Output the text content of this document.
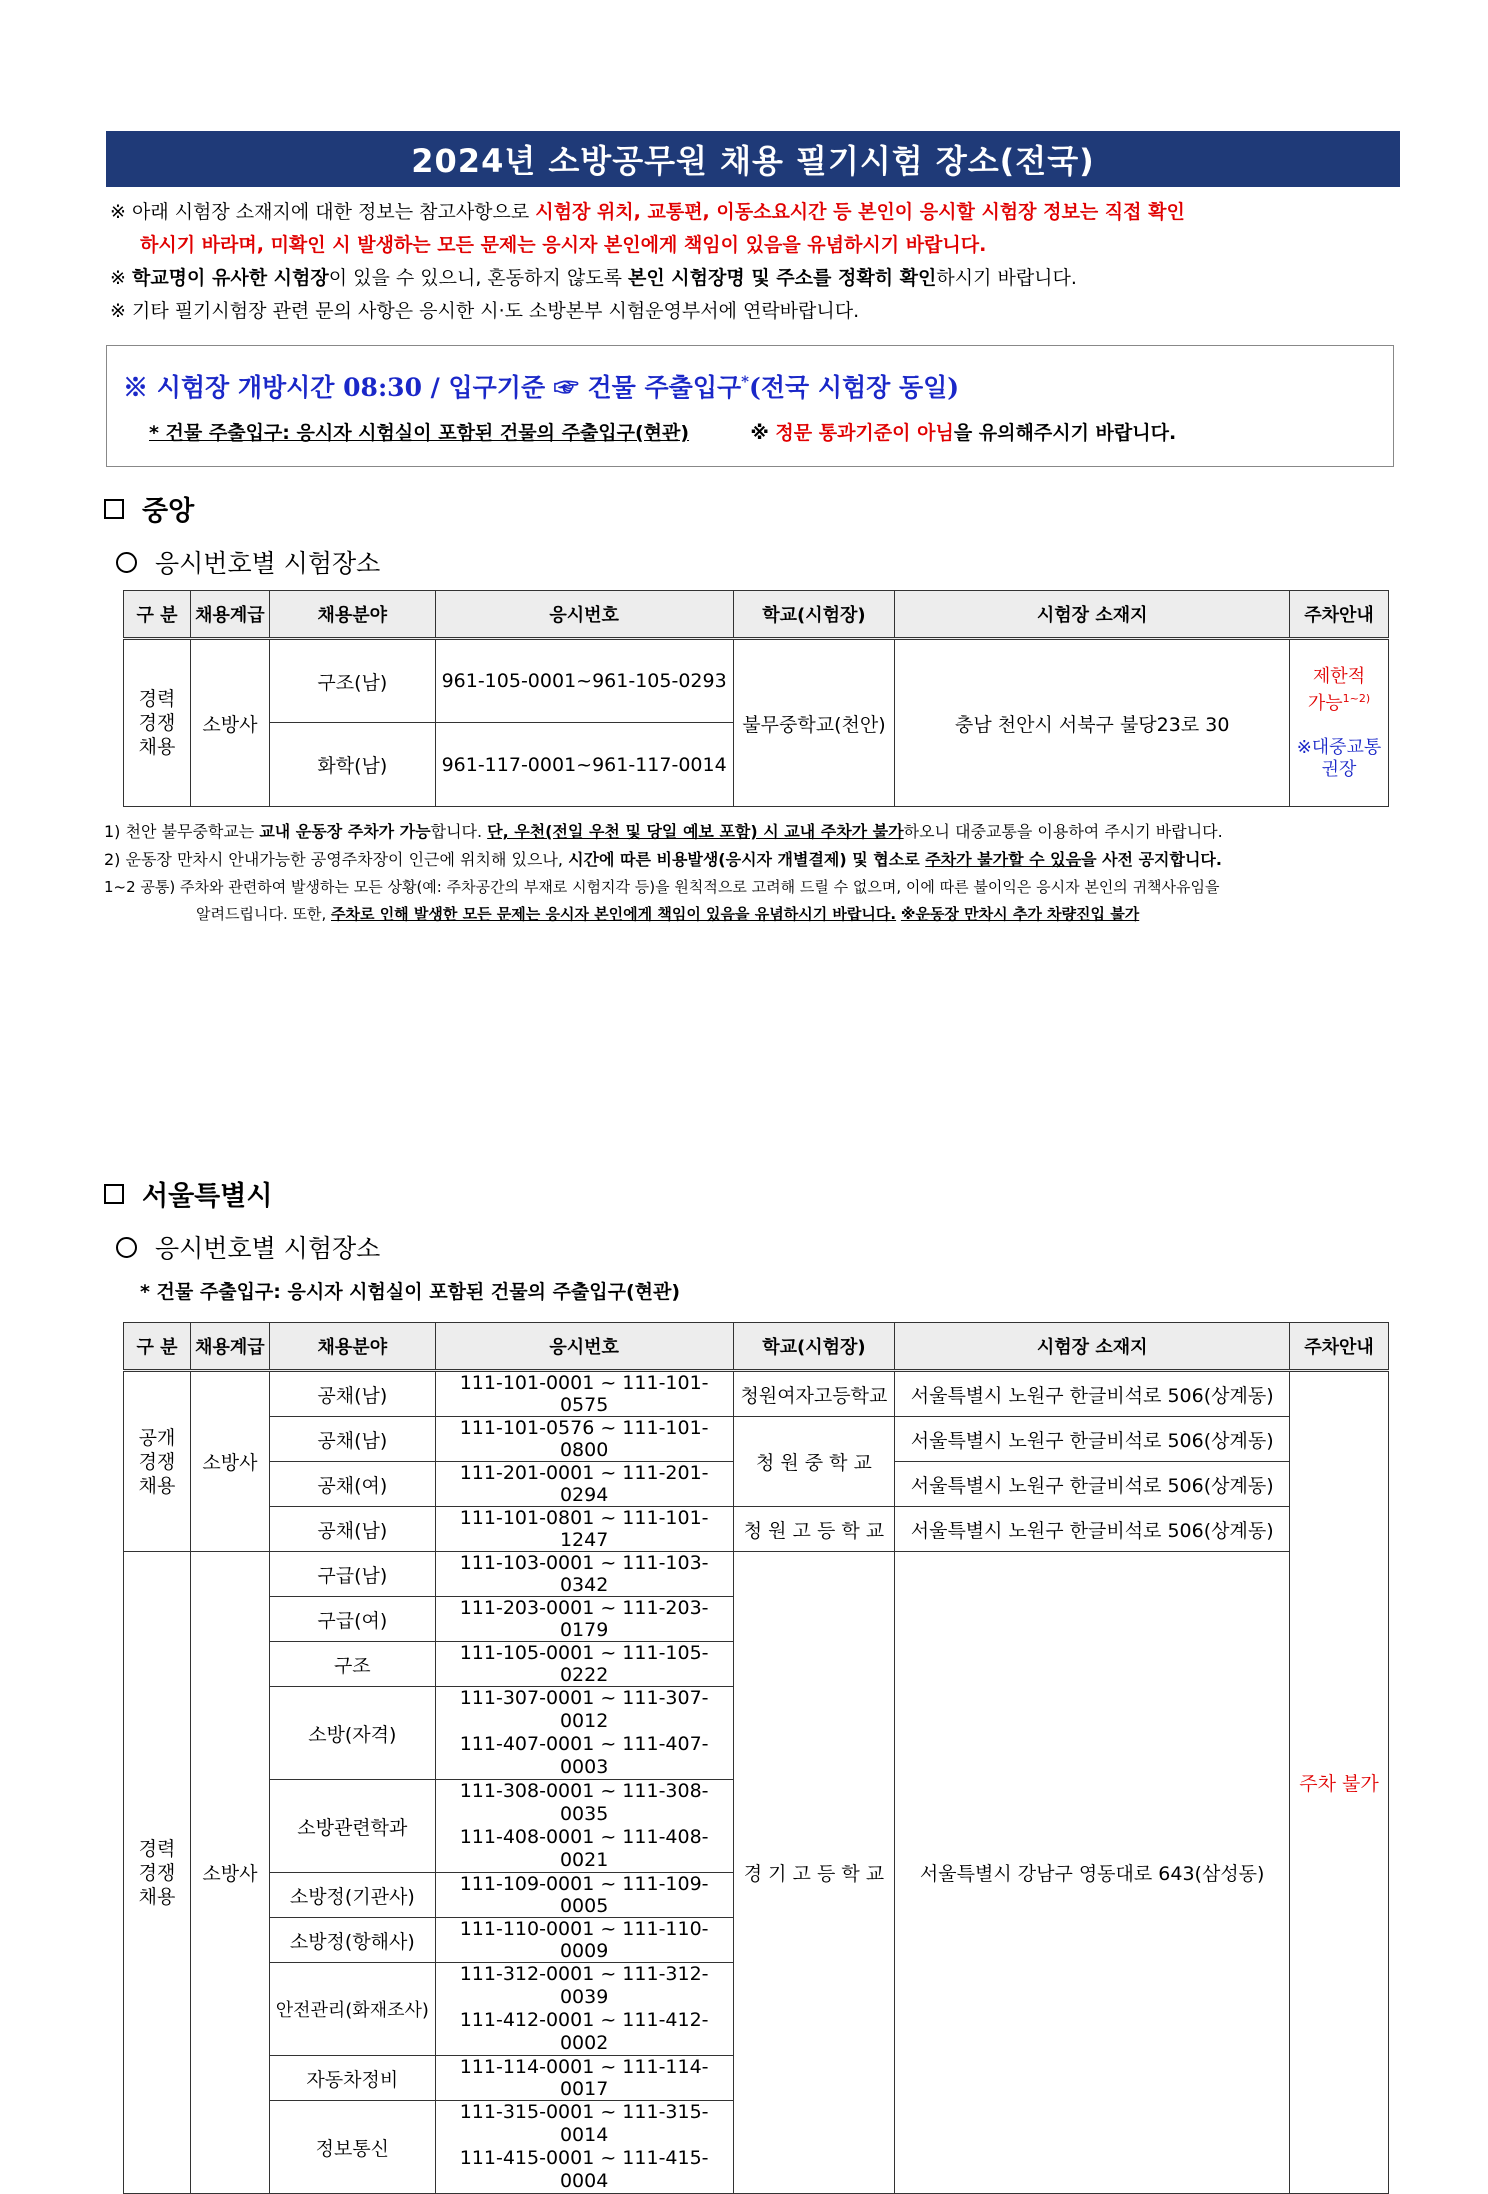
2024년 소방공무원 채용 필기시험 장소(전국)
※ 아래 시험장 소재지에 대한 정보는 참고사항으로 시험장 위치, 교통편, 이동소요시간 등 본인이 응시할 시험장 정보는 직접 확인
하시기 바라며, 미확인 시 발생하는 모든 문제는 응시자 본인에게 책임이 있음을 유념하시기 바랍니다.
※ 학교명이 유사한 시험장이 있을 수 있으니, 혼동하지 않도록 본인 시험장명 및 주소를 정확히 확인하시기 바랍니다.
※ 기타 필기시험장 관련 문의 사항은 응시한 시·도 소방본부 시험운영부서에 연락바랍니다.
※ 시험장 개방시간 08:30 / 입구기준 ☞ 건물 주출입구*(전국 시험장 동일)
* 건물 주출입구: 응시자 시험실이 포함된 건물의 주출입구(현관)	※ 정문 통과기준이 아님을 유의해주시기 바랍니다.
중앙
응시번호별 시험장소
구 분	채용계급	채용분야	응시번호	학교(시험장)	시험장 소재지	주차안내
경력
경쟁
채용	소방사	구조(남)	961-105-0001~961-105-0293	불무중학교(천안)	충남 천안시 서북구 불당23로 30	제한적
가능$^{1\sim 2)}$

※대중교통
권장
		화학(남)	961-117-0001~961-117-0014			
1) 천안 불무중학교는 교내 운동장 주차가 가능합니다. 단, 우천(전일 우천 및 당일 예보 포함) 시 교내 주차가 불가하오니 대중교통을 이용하여 주시기 바랍니다.
2) 운동장 만차시 안내가능한 공영주차장이 인근에 위치해 있으나, 시간에 따른 비용발생(응시자 개별결제) 및 협소로 주차가 불가할 수 있음을 사전 공지합니다.
1~2 공통) 주차와 관련하여 발생하는 모든 상황(예: 주차공간의 부재로 시험지각 등)을 원칙적으로 고려해 드릴 수 없으며, 이에 따른 불이익은 응시자 본인의 귀책사유임을
알려드립니다. 또한, 주차로 인해 발생한 모든 문제는 응시자 본인에게 책임이 있음을 유념하시기 바랍니다. ※운동장 만차시 추가 차량진입 불가
서울특별시
응시번호별 시험장소
* 건물 주출입구: 응시자 시험실이 포함된 건물의 주출입구(현관)
구 분	채용계급	채용분야	응시번호	학교(시험장)	시험장 소재지	주차안내
공개
경쟁
채용	소방사	공채(남)	111-101-0001 ~ 111-101-0575	청원여자고등학교	서울특별시 노원구 한글비석로 506(상계동)	주차 불가
		공채(남)	111-101-0576 ~ 111-101-0800	청 원 중 학 교	서울특별시 노원구 한글비석로 506(상계동)	
		공채(여)	111-201-0001 ~ 111-201-0294		서울특별시 노원구 한글비석로 506(상계동)	
		공채(남)	111-101-0801 ~ 111-101-1247	청 원 고 등 학 교	서울특별시 노원구 한글비석로 506(상계동)	
경력
경쟁
채용	소방사	구급(남)	111-103-0001 ~ 111-103-0342	경 기 고 등 학 교	서울특별시 강남구 영동대로 643(삼성동)	
		구급(여)	111-203-0001 ~ 111-203-0179			
		구조	111-105-0001 ~ 111-105-0222			
		소방(자격)	111-307-0001 ~ 111-307-0012
111-407-0001 ~ 111-407-0003			
		소방관련학과	111-308-0001 ~ 111-308-0035
111-408-0001 ~ 111-408-0021			
		소방정(기관사)	111-109-0001 ~ 111-109-0005			
		소방정(항해사)	111-110-0001 ~ 111-110-0009			
		안전관리(화재조사)	111-312-0001 ~ 111-312-0039
111-412-0001 ~ 111-412-0002			
		자동차정비	111-114-0001 ~ 111-114-0017			
		정보통신	111-315-0001 ~ 111-315-0014
111-415-0001 ~ 111-415-0004			
